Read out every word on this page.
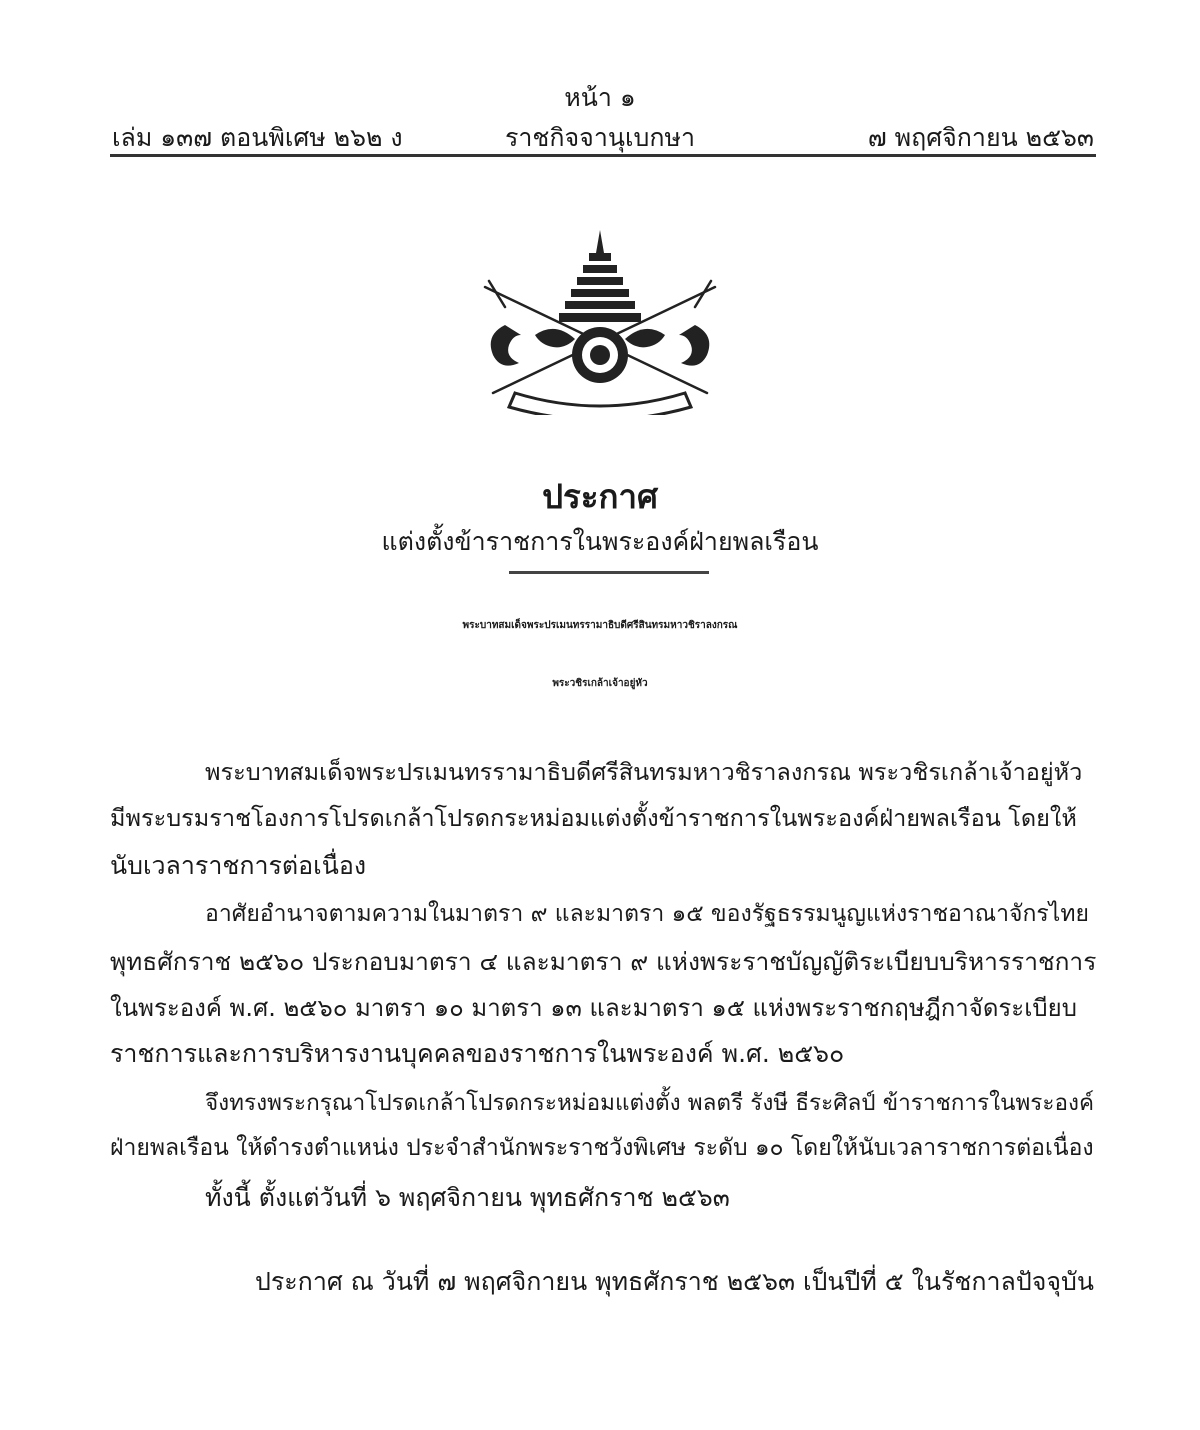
หน้า ๑
เล่ม ๑๓๗ ตอนพิเศษ ๒๖๒ ง	ราชกิจจานุเบกษา	๗ พฤศจิกายน ๒๕๖๓
ประกาศ
แต่งตั้งข้าราชการในพระองค์ฝ่ายพลเรือน
พระบาทสมเด็จพระปรเมนทรรามาธิบดีศรีสินทรมหาวชิราลงกรณ
พระวชิรเกล้าเจ้าอยู่หัว
พระบาทสมเด็จพระปรเมนทรรามาธิบดีศรีสินทรมหาวชิราลงกรณ พระวชิรเกล้าเจ้าอยู่หัว
มีพระบรมราชโองการโปรดเกล้าโปรดกระหม่อมแต่งตั้งข้าราชการในพระองค์ฝ่ายพลเรือน โดยให้
นับเวลาราชการต่อเนื่อง
อาศัยอำนาจตามความในมาตรา ๙ และมาตรา ๑๕ ของรัฐธรรมนูญแห่งราชอาณาจักรไทย
พุทธศักราช ๒๕๖๐ ประกอบมาตรา ๔ และมาตรา ๙ แห่งพระราชบัญญัติระเบียบบริหารราชการ
ในพระองค์ พ.ศ. ๒๕๖๐ มาตรา ๑๐ มาตรา ๑๓ และมาตรา ๑๕ แห่งพระราชกฤษฎีกาจัดระเบียบ
ราชการและการบริหารงานบุคคลของราชการในพระองค์ พ.ศ. ๒๕๖๐
จึงทรงพระกรุณาโปรดเกล้าโปรดกระหม่อมแต่งตั้ง พลตรี รังษี ธีระศิลป์ ข้าราชการในพระองค์
ฝ่ายพลเรือน ให้ดำรงตำแหน่ง ประจำสำนักพระราชวังพิเศษ ระดับ ๑๐ โดยให้นับเวลาราชการต่อเนื่อง
ทั้งนี้ ตั้งแต่วันที่ ๖ พฤศจิกายน พุทธศักราช ๒๕๖๓
ประกาศ ณ วันที่ ๗ พฤศจิกายน พุทธศักราช ๒๕๖๓ เป็นปีที่ ๕ ในรัชกาลปัจจุบัน
